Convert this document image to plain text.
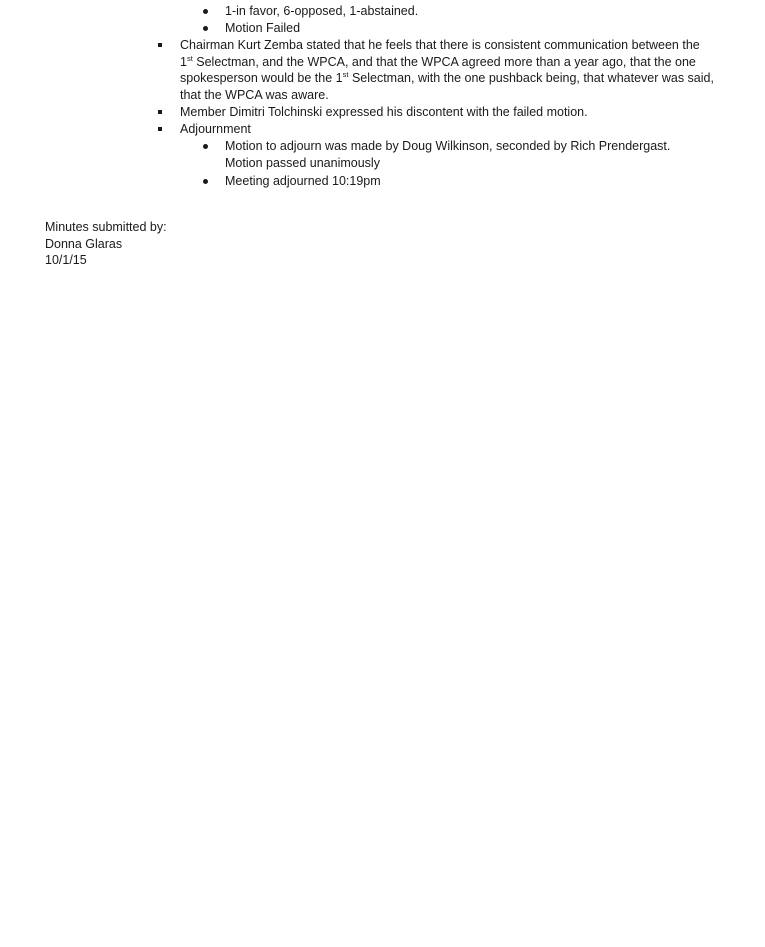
1-in favor, 6-opposed, 1-abstained.
Motion Failed
Chairman Kurt Zemba stated that he feels that there is consistent communication between the
1st Selectman, and the WPCA, and that the WPCA agreed more than a year ago, that the one
spokesperson would be the 1st Selectman, with the one pushback being, that whatever was said,
that the WPCA was aware.
Member Dimitri Tolchinski expressed his discontent with the failed motion.
Adjournment
Motion to adjourn was made by Doug Wilkinson, seconded by Rich Prendergast.
Motion passed unanimously
Meeting adjourned 10:19pm
Minutes submitted by:
Donna Glaras
10/1/15
